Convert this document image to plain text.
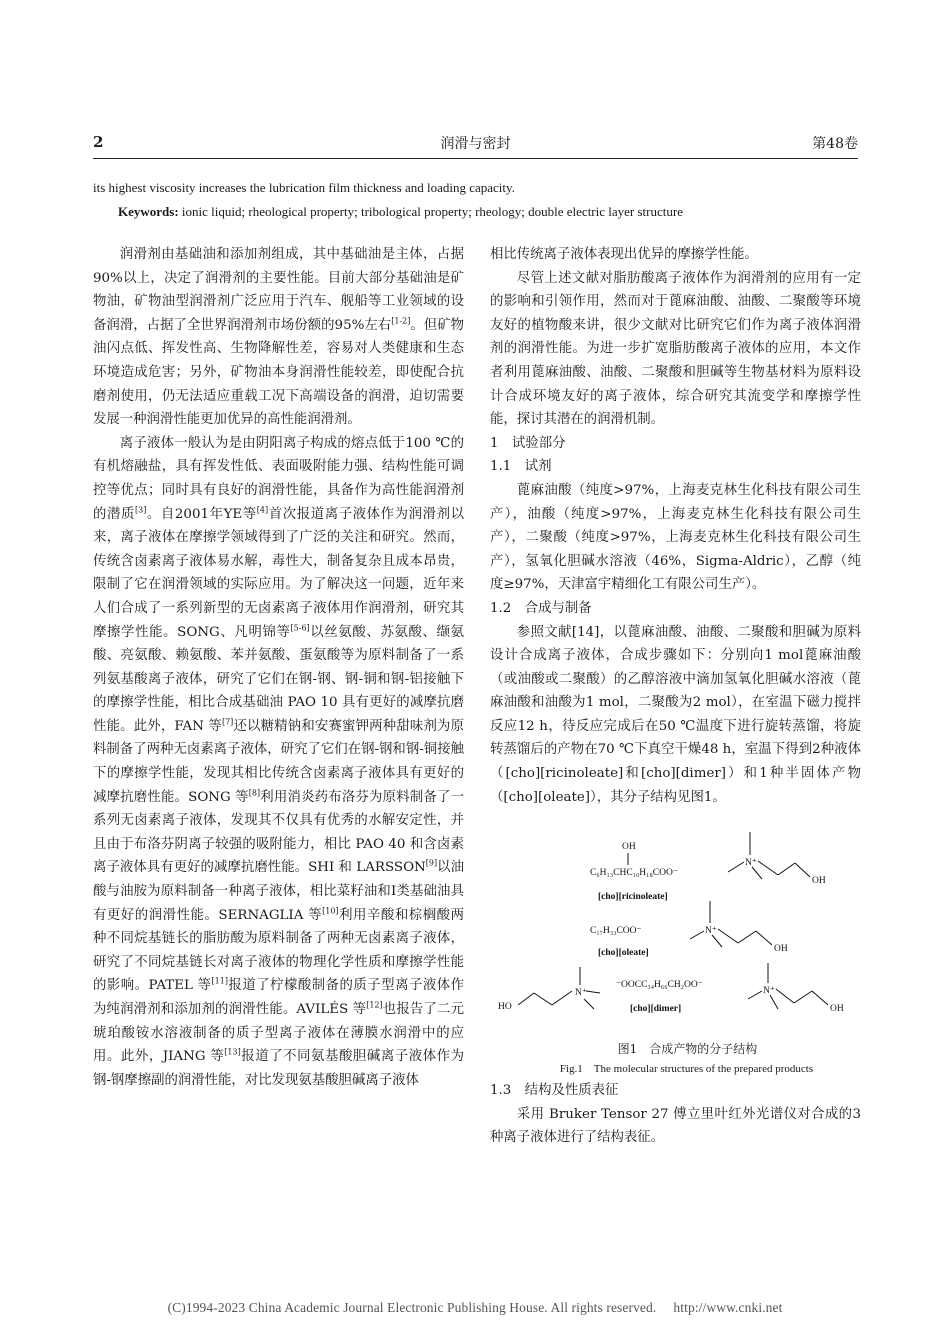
2	润滑与密封	第48卷
its highest viscosity increases the lubrication film thickness and loading capacity.
Keywords: ionic liquid; rheological property; tribological property; rheology; double electric layer structure

润滑剂由基础油和添加剂组成，其中基础油是主体，占据90%以上，决定了润滑剂的主要性能。目前大部分基础油是矿物油，矿物油型润滑剂广泛应用于汽车、舰船等工业领域的设备润滑，占据了全世界润滑剂市场份额的95%左右[1-2]。但矿物油闪点低、挥发性高、生物降解性差，容易对人类健康和生态环境造成危害；另外，矿物油本身润滑性能较差，即使配合抗磨剂使用，仍无法适应重载工况下高端设备的润滑，迫切需要发展一种润滑性能更加优异的高性能润滑剂。

离子液体一般认为是由阴阳离子构成的熔点低于100 ℃的有机熔融盐，具有挥发性低、表面吸附能力强、结构性能可调控等优点；同时具有良好的润滑性能，具备作为高性能润滑剂的潜质[3]。自2001年YE等[4]首次报道离子液体作为润滑剂以来，离子液体在摩擦学领域得到了广泛的关注和研究。然而，传统含卤素离子液体易水解，毒性大，制备复杂且成本昂贵，限制了它在润滑领域的实际应用。为了解决这一问题，近年来人们合成了一系列新型的无卤素离子液体用作润滑剂，研究其摩擦学性能。SONG、凡明锦等[5-6]以丝氨酸、苏氨酸、缬氨酸、亮氨酸、赖氨酸、苯并氨酸、蛋氨酸等为原料制备了一系列氨基酸离子液体，研究了它们在钢-钢、钢-铜和钢-铝接触下的摩擦学性能，相比合成基础油 PAO 10 具有更好的减摩抗磨性能。此外，FAN 等[7]还以糖精钠和安赛蜜钾两种甜味剂为原料制备了两种无卤素离子液体，研究了它们在钢-钢和钢-铜接触下的摩擦学性能，发现其相比传统含卤素离子液体具有更好的减摩抗磨性能。SONG 等[8]利用消炎药布洛芬为原料制备了一系列无卤素离子液体，发现其不仅具有优秀的水解安定性，并且由于布洛芬阴离子较强的吸附能力，相比 PAO 40 和含卤素离子液体具有更好的减摩抗磨性能。SHI 和 LARSSON[9]以油酸与油胺为原料制备一种离子液体，相比菜籽油和I类基础油具有更好的润滑性能。SERNAGLIA 等[10]利用辛酸和棕榈酸两种不同烷基链长的脂肪酸为原料制备了两种无卤素离子液体，研究了不同烷基链长对离子液体的物理化学性质和摩擦学性能的影响。PATEL 等[11]报道了柠檬酸制备的质子型离子液体作为纯润滑剂和添加剂的润滑性能。AVILÉS 等[12]也报告了二元琥珀酸铵水溶液制备的质子型离子液体在薄膜水润滑中的应用。此外，JIANG 等[13]报道了不同氨基酸胆碱离子液体作为钢-钢摩擦副的润滑性能，对比发现氨基酸胆碱离子液体

相比传统离子液体表现出优异的摩擦学性能。

尽管上述文献对脂肪酸离子液体作为润滑剂的应用有一定的影响和引领作用，然而对于蓖麻油酸、油酸、二聚酸等环境友好的植物酸来讲，很少文献对比研究它们作为离子液体润滑剂的润滑性能。为进一步扩宽脂肪酸离子液体的应用，本文作者利用蓖麻油酸、油酸、二聚酸和胆碱等生物基材料为原料设计合成环境友好的离子液体，综合研究其流变学和摩擦学性能，探讨其潜在的润滑机制。

1　试验部分

1.1　试剂

蓖麻油酸（纯度>97%，上海麦克林生化科技有限公司生产），油酸（纯度>97%，上海麦克林生化科技有限公司生产），二聚酸（纯度>97%，上海麦克林生化科技有限公司生产），氢氧化胆碱水溶液（46%，Sigma-Aldric），乙醇（纯度≥97%，天津富宇精细化工有限公司生产）。

1.2　合成与制备

参照文献[14]，以蓖麻油酸、油酸、二聚酸和胆碱为原料设计合成离子液体，合成步骤如下：分别向1 mol蓖麻油酸（或油酸或二聚酸）的乙醇溶液中滴加氢氧化胆碱水溶液（蓖麻油酸和油酸为1 mol，二聚酸为2 mol），在室温下磁力搅拌反应12 h，待反应完成后在50 ℃温度下进行旋转蒸馏，将旋转蒸馏后的产物在70 ℃下真空干燥48 h，室温下得到2种液体（[cho][ricinoleate]和[cho][dimer]）和1种半固体产物（[cho][oleate]），其分子结构见图1。

OH
C₆H₁₃CHC₁₀H₁₈COO⁻
[cho][ricinoleate]
N⁺
OH
C₁₇H₃₃COO⁻
[cho][oleate]
N⁺
OH
HO
N⁺
⁻OOCC₃₄H₆₆CH₂OO⁻
[cho][dimer]
N⁺
OH

图1　合成产物的分子结构

Fig.1　The molecular structures of the prepared products

1.3　结构及性质表征

采用 Bruker Tensor 27 傅立里叶红外光谱仪对合成的3种离子液体进行了结构表征。

(C)1994-2023 China Academic Journal Electronic Publishing House. All rights reserved.　 http://www.cnki.net
